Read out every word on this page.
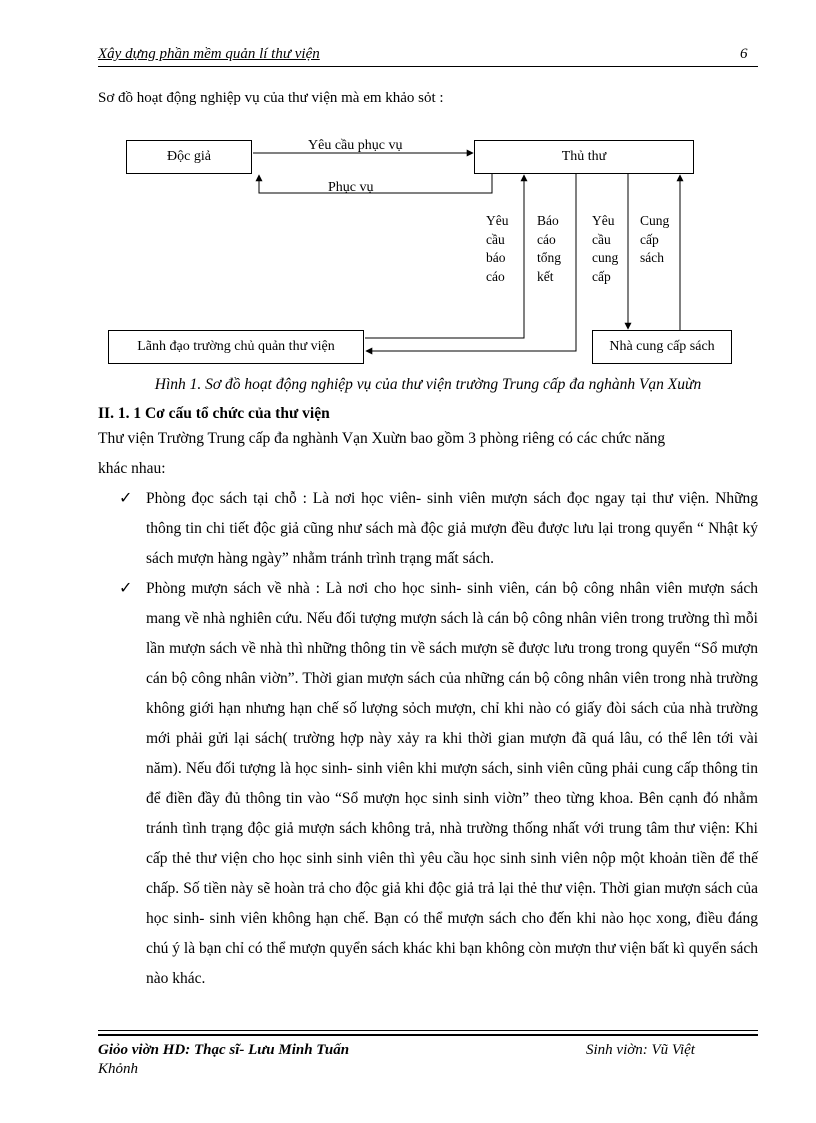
Xây dựng phần mềm quản lí thư viện	6
Sơ đồ hoạt động nghiệp vụ của thư viện mà em khảo sỏt :
Độc giả	Thủ thư
Lãnh đạo trường chủ quản thư viện	Nhà cung cấp sách
Yêu cầu phục vụ
Phục vụ
Yêu
cầu
báo
cáo
Báo
cáo
tổng
kết
Yêu
cầu
cung
cấp
Cung
cấp
sách
Hình 1. Sơ đồ hoạt động nghiệp vụ của thư viện trường Trung cấp đa nghành Vạn Xuừn
II. 1. 1 Cơ cấu tổ chức của thư viện
Thư viện Trường Trung cấp đa nghành Vạn Xuừn bao gồm 3 phòng riêng có các chức năng
khác nhau:
✓ Phòng đọc sách tại chỗ : Là nơi học viên- sinh viên mượn sách đọc ngay tại thư viện. Những thông tin chi tiết độc giả cũng như sách mà độc giả mượn đều được lưu lại trong quyển “ Nhật ký sách mượn hàng ngày” nhằm tránh trình trạng mất sách.
✓ Phòng mượn sách về nhà : Là nơi cho học sinh- sinh viên, cán bộ công nhân viên mượn sách mang về nhà nghiên cứu. Nếu đối tượng mượn sách là cán bộ công nhân viên trong trường thì mỗi lần mượn sách về nhà thì những thông tin về sách mượn sẽ được lưu trong trong quyển “Sổ mượn cán bộ công nhân viờn”. Thời gian mượn sách của những cán bộ công nhân viên trong nhà trường không giới hạn nhưng hạn chế số lượng sỏch mượn, chỉ khi nào có giấy đòi sách của nhà trường mới phải gửi lại sách( trường hợp này xảy ra khi thời gian mượn đã quá lâu, có thể lên tới vài năm). Nếu đối tượng là học sinh- sinh viên khi mượn sách, sinh viên cũng phải cung cấp thông tin để điền đầy đủ thông tin vào “Sổ mượn học sinh sinh viờn” theo từng khoa. Bên cạnh đó nhằm tránh tình trạng độc giả mượn sách không trả, nhà trường thống nhất với trung tâm thư viện: Khi cấp thẻ thư viện cho học sinh sinh viên thì yêu cầu học sinh sinh viên nộp một khoản tiền để thế chấp. Số tiền này sẽ hoàn trả cho độc giả khi độc giả trả lại thẻ thư viện. Thời gian mượn sách của học sinh- sinh viên không hạn chế. Bạn có thể mượn sách cho đến khi nào học xong, điều đáng chú ý là bạn chỉ có thể mượn quyển sách khác khi bạn không còn mượn thư viện bất kì quyển sách nào khác.
Giỏo viờn HD: Thạc sĩ- Lưu Minh Tuấn	Sinh viờn: Vũ Việt
Khỏnh
